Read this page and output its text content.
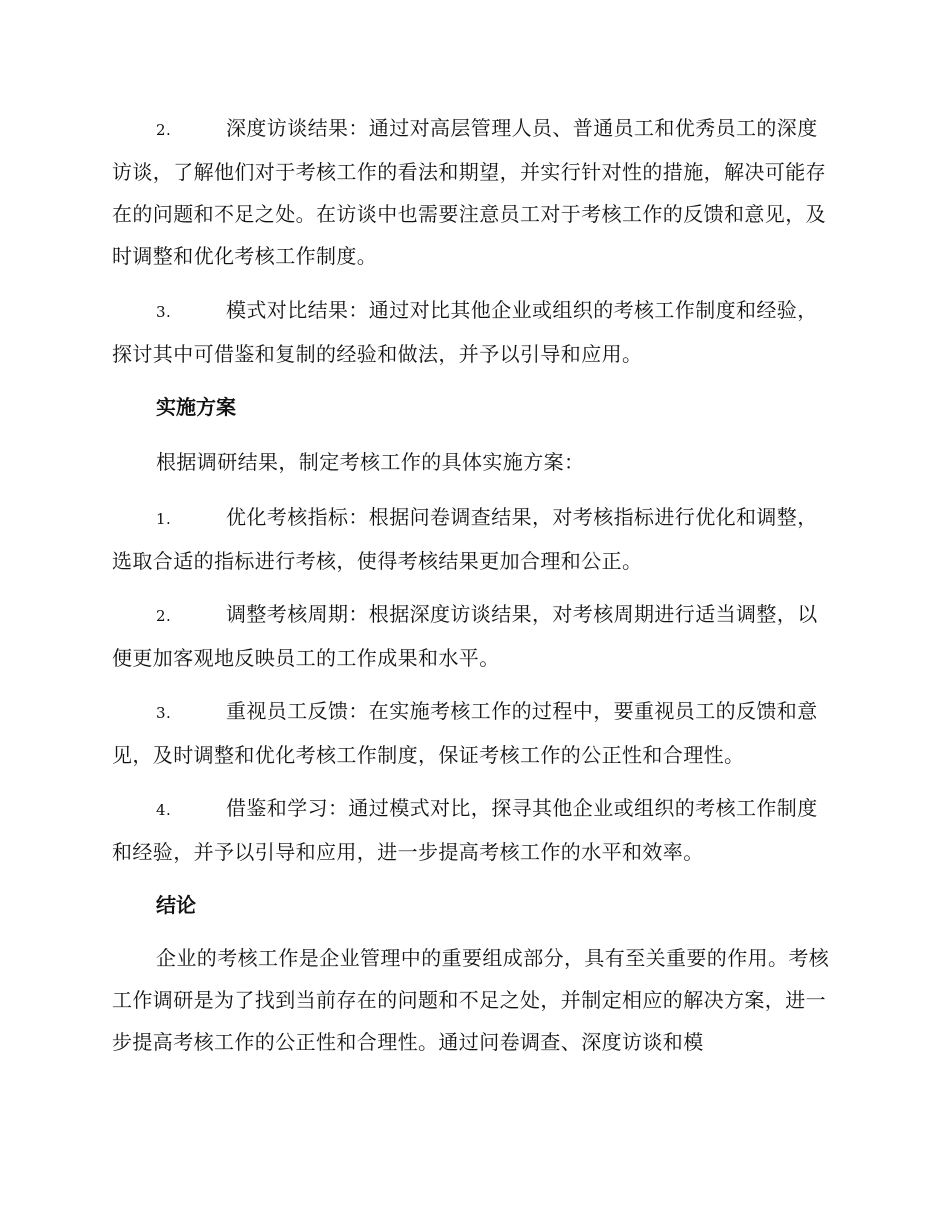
2.	深度访谈结果：通过对高层管理人员、普通员工和优秀员工的深度访谈，了解他们对于考核工作的看法和期望，并实行针对性的措施，解决可能存在的问题和不足之处。在访谈中也需要注意员工对于考核工作的反馈和意见，及时调整和优化考核工作制度。

3.	模式对比结果：通过对比其他企业或组织的考核工作制度和经验，探讨其中可借鉴和复制的经验和做法，并予以引导和应用。

实施方案

根据调研结果，制定考核工作的具体实施方案：

1.	优化考核指标：根据问卷调查结果，对考核指标进行优化和调整，选取合适的指标进行考核，使得考核结果更加合理和公正。

2.	调整考核周期：根据深度访谈结果，对考核周期进行适当调整，以便更加客观地反映员工的工作成果和水平。

3.	重视员工反馈：在实施考核工作的过程中，要重视员工的反馈和意见，及时调整和优化考核工作制度，保证考核工作的公正性和合理性。

4.	借鉴和学习：通过模式对比，探寻其他企业或组织的考核工作制度和经验，并予以引导和应用，进一步提高考核工作的水平和效率。

结论

企业的考核工作是企业管理中的重要组成部分，具有至关重要的作用。考核工作调研是为了找到当前存在的问题和不足之处，并制定相应的解决方案，进一步提高考核工作的公正性和合理性。通过问卷调查、深度访谈和模
